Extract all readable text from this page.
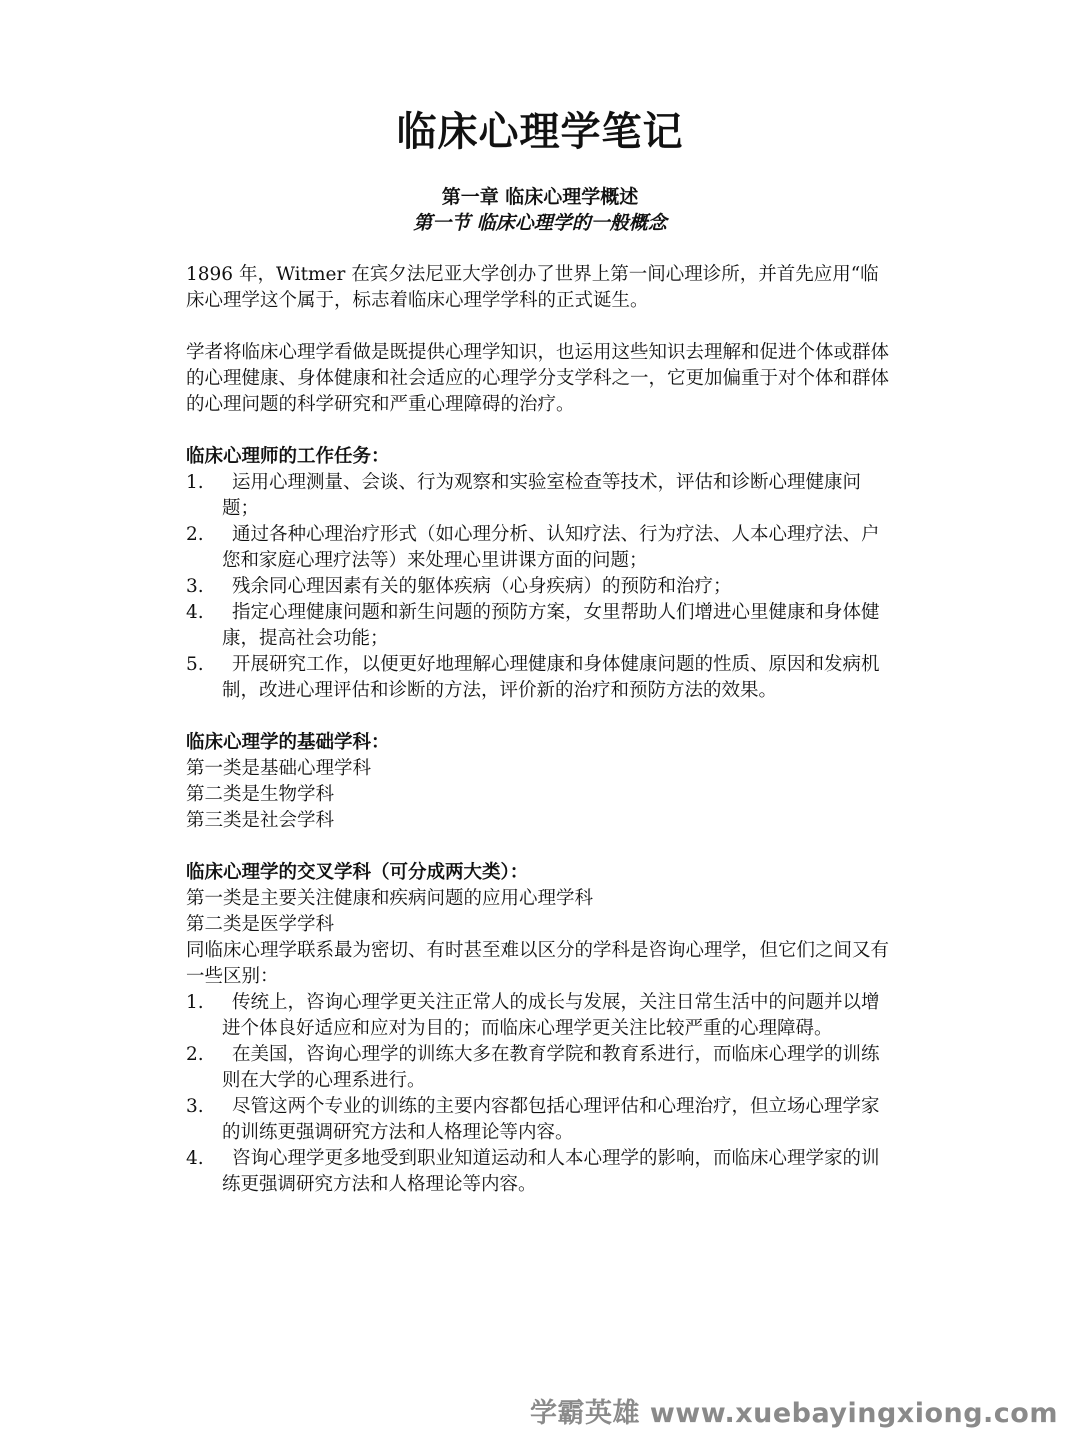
临床心理学笔记
第一章 临床心理学概述
第一节 临床心理学的一般概念

1896 年，Witmer 在宾夕法尼亚大学创办了世界上第一间心理诊所，并首先应用“临床心理学这个属于，标志着临床心理学学科的正式诞生。

学者将临床心理学看做是既提供心理学知识，也运用这些知识去理解和促进个体或群体的心理健康、身体健康和社会适应的心理学分支学科之一，它更加偏重于对个体和群体的心理问题的科学研究和严重心理障碍的治疗。

临床心理师的工作任务：

1.	运用心理测量、会谈、行为观察和实验室检查等技术，评估和诊断心理健康问题；
2.	通过各种心理治疗形式（如心理分析、认知疗法、行为疗法、人本心理疗法、户您和家庭心理疗法等）来处理心里讲课方面的问题；
3.	残余同心理因素有关的躯体疾病（心身疾病）的预防和治疗；
4.	指定心理健康问题和新生问题的预防方案，女里帮助人们增进心里健康和身体健康，提高社会功能；
5.	开展研究工作，以便更好地理解心理健康和身体健康问题的性质、原因和发病机制，改进心理评估和诊断的方法，评价新的治疗和预防方法的效果。

临床心理学的基础学科：

第一类是基础心理学科

第二类是生物学科

第三类是社会学科

临床心理学的交叉学科（可分成两大类）：

第一类是主要关注健康和疾病问题的应用心理学科

第二类是医学学科

同临床心理学联系最为密切、有时甚至难以区分的学科是咨询心理学，但它们之间又有一些区别：

1.	传统上，咨询心理学更关注正常人的成长与发展，关注日常生活中的问题并以增进个体良好适应和应对为目的；而临床心理学更关注比较严重的心理障碍。
2.	在美国，咨询心理学的训练大多在教育学院和教育系进行，而临床心理学的训练则在大学的心理系进行。
3.	尽管这两个专业的训练的主要内容都包括心理评估和心理治疗，但立场心理学家的训练更强调研究方法和人格理论等内容。
4.	咨询心理学更多地受到职业知道运动和人本心理学的影响，而临床心理学家的训练更强调研究方法和人格理论等内容。
学霸英雄 www.xuebayingxiong.com
